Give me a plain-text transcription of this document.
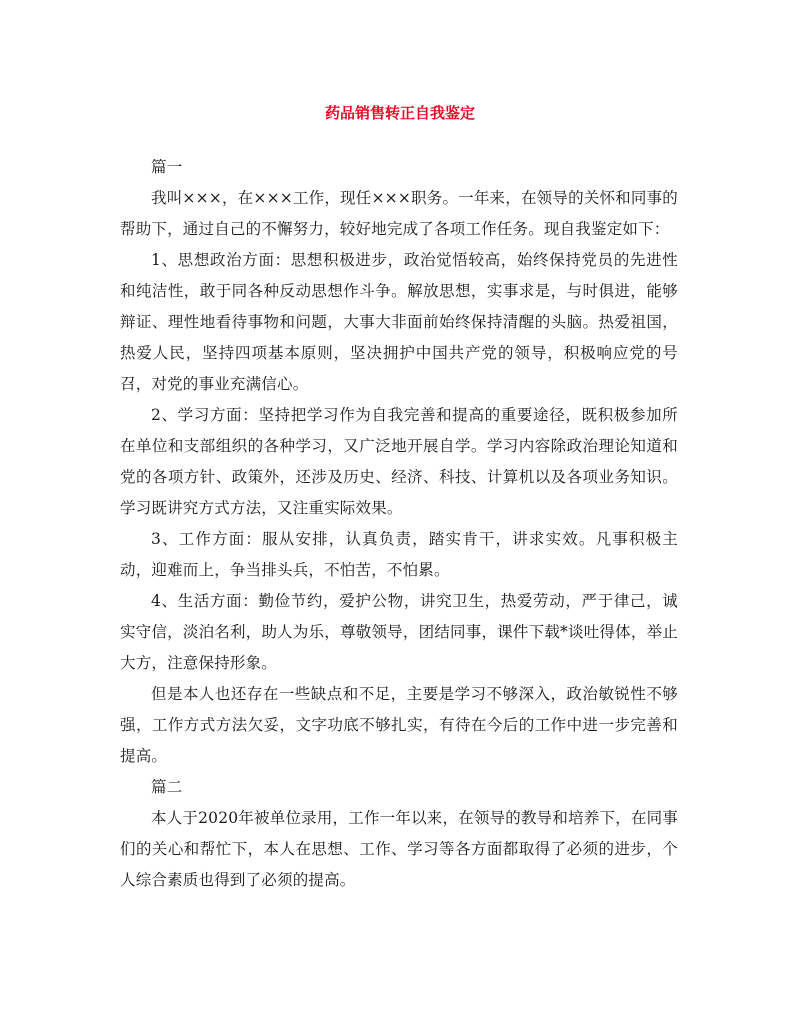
药品销售转正自我鉴定

篇一

我叫×××，在×××工作，现任×××职务。一年来，在领导的关怀和同事的帮助下，通过自己的不懈努力，较好地完成了各项工作任务。现自我鉴定如下：

1、思想政治方面：思想积极进步，政治觉悟较高，始终保持党员的先进性和纯洁性，敢于同各种反动思想作斗争。解放思想，实事求是，与时俱进，能够辩证、理性地看待事物和问题，大事大非面前始终保持清醒的头脑。热爱祖国，热爱人民，坚持四项基本原则，坚决拥护中国共产党的领导，积极响应党的号召，对党的事业充满信心。

2、学习方面：坚持把学习作为自我完善和提高的重要途径，既积极参加所在单位和支部组织的各种学习，又广泛地开展自学。学习内容除政治理论知道和党的各项方针、政策外，还涉及历史、经济、科技、计算机以及各项业务知识。学习既讲究方式方法，又注重实际效果。

3、工作方面：服从安排，认真负责，踏实肯干，讲求实效。凡事积极主动，迎难而上，争当排头兵，不怕苦，不怕累。

4、生活方面：勤俭节约，爱护公物，讲究卫生，热爱劳动，严于律己，诚实守信，淡泊名利，助人为乐，尊敬领导，团结同事，课件下载*谈吐得体，举止大方，注意保持形象。

但是本人也还存在一些缺点和不足，主要是学习不够深入，政治敏锐性不够强，工作方式方法欠妥，文字功底不够扎实，有待在今后的工作中进一步完善和提高。

篇二

本人于2020年被单位录用，工作一年以来，在领导的教导和培养下，在同事们的关心和帮忙下，本人在思想、工作、学习等各方面都取得了必须的进步，个人综合素质也得到了必须的提高。
